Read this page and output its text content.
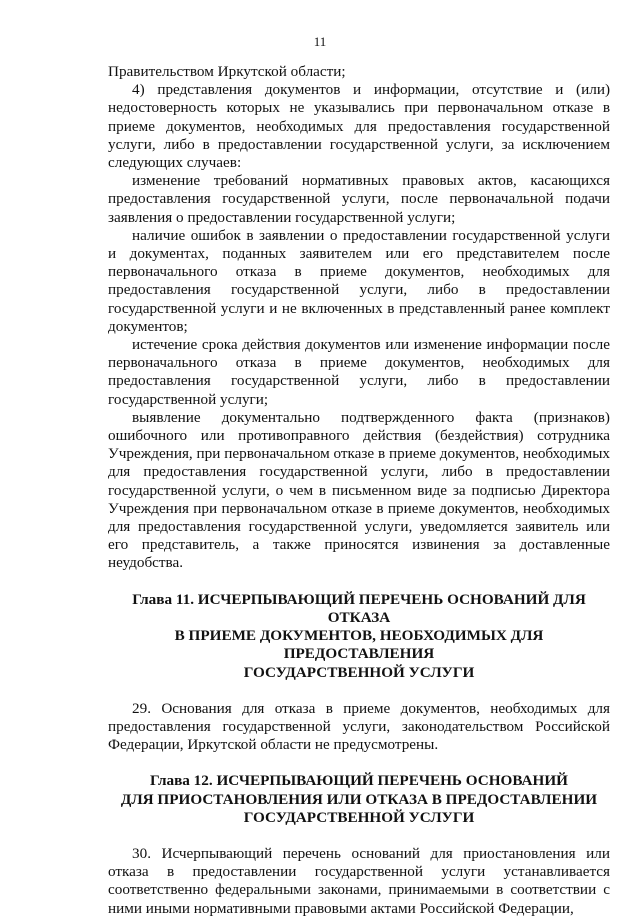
11

Правительством Иркутской области;

4) представления документов и информации, отсутствие и (или) недостоверность которых не указывались при первоначальном отказе в приеме документов, необходимых для предоставления государственной услуги, либо в предоставлении государственной услуги, за исключением следующих случаев:

изменение требований нормативных правовых актов, касающихся предоставления государственной услуги, после первоначальной подачи заявления о предоставлении государственной услуги;

наличие ошибок в заявлении о предоставлении государственной услуги и документах, поданных заявителем или его представителем после первоначального отказа в приеме документов, необходимых для предоставления государственной услуги, либо в предоставлении государственной услуги и не включенных в представленный ранее комплект документов;

истечение срока действия документов или изменение информации после первоначального отказа в приеме документов, необходимых для предоставления государственной услуги, либо в предоставлении государственной услуги;

выявление документально подтвержденного факта (признаков) ошибочного или противоправного действия (бездействия) сотрудника Учреждения, при первоначальном отказе в приеме документов, необходимых для предоставления государственной услуги, либо в предоставлении государственной услуги, о чем в письменном виде за подписью Директора Учреждения при первоначальном отказе в приеме документов, необходимых для предоставления государственной услуги, уведомляется заявитель или его представитель, а также приносятся извинения за доставленные неудобства.

Глава 11. ИСЧЕРПЫВАЮЩИЙ ПЕРЕЧЕНЬ ОСНОВАНИЙ ДЛЯ ОТКАЗА
В ПРИЕМЕ ДОКУМЕНТОВ, НЕОБХОДИМЫХ ДЛЯ ПРЕДОСТАВЛЕНИЯ
ГОСУДАРСТВЕННОЙ УСЛУГИ

29. Основания для отказа в приеме документов, необходимых для предоставления государственной услуги, законодательством Российской Федерации, Иркутской области не предусмотрены.

Глава 12. ИСЧЕРПЫВАЮЩИЙ ПЕРЕЧЕНЬ ОСНОВАНИЙ
ДЛЯ ПРИОСТАНОВЛЕНИЯ ИЛИ ОТКАЗА В ПРЕДОСТАВЛЕНИИ
ГОСУДАРСТВЕННОЙ УСЛУГИ

30. Исчерпывающий перечень оснований для приостановления или отказа в предоставлении государственной услуги устанавливается соответственно федеральными законами, принимаемыми в соответствии с ними иными нормативными правовыми актами Российской Федерации,
